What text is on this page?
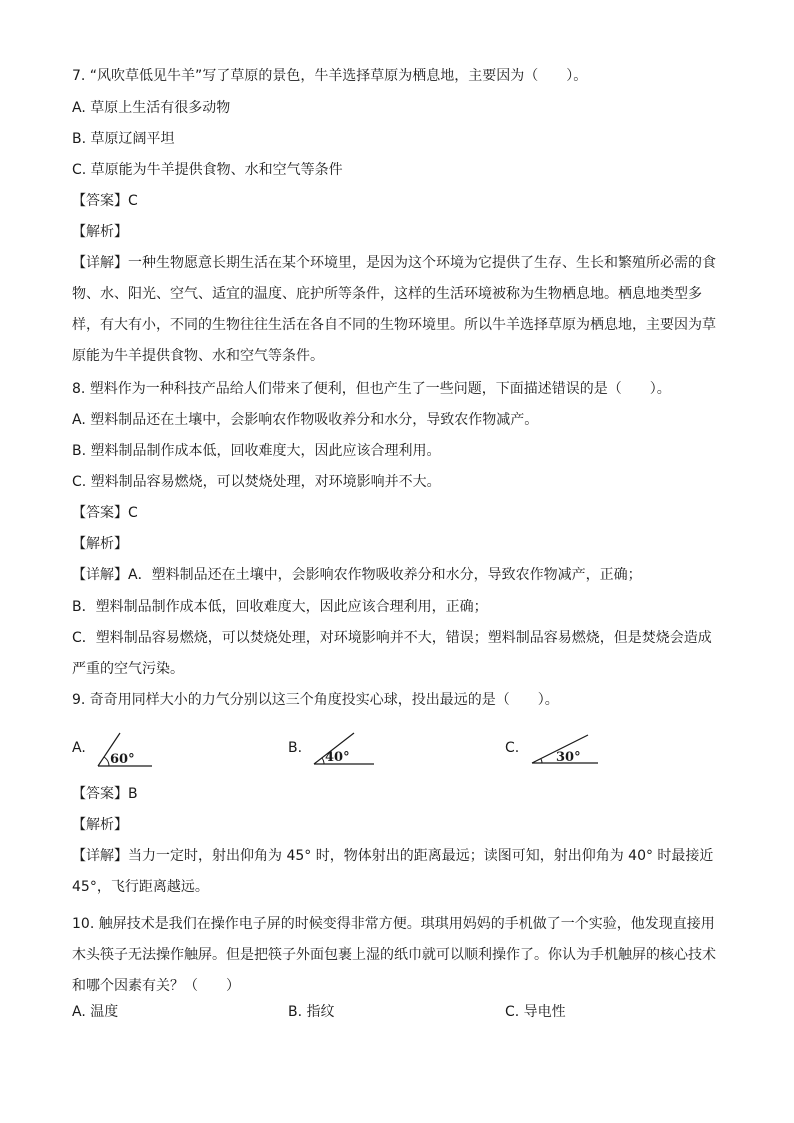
7. “风吹草低见牛羊”写了草原的景色，牛羊选择草原为栖息地，主要因为（　　）。
A. 草原上生活有很多动物
B. 草原辽阔平坦
C. 草原能为牛羊提供食物、水和空气等条件
【答案】C
【解析】
【详解】一种生物愿意长期生活在某个环境里，是因为这个环境为它提供了生存、生长和繁殖所必需的食物、水、阳光、空气、适宜的温度、庇护所等条件，这样的生活环境被称为生物栖息地。栖息地类型多样，有大有小，不同的生物往往生活在各自不同的生物环境里。所以牛羊选择草原为栖息地，主要因为草原能为牛羊提供食物、水和空气等条件。
8. 塑料作为一种科技产品给人们带来了便利，但也产生了一些问题，下面描述错误的是（　　）。
A. 塑料制品还在土壤中，会影响农作物吸收养分和水分，导致农作物减产。
B. 塑料制品制作成本低，回收难度大，因此应该合理利用。
C. 塑料制品容易燃烧，可以焚烧处理，对环境影响并不大。
【答案】C
【解析】
【详解】A．塑料制品还在土壤中，会影响农作物吸收养分和水分，导致农作物减产，正确；
B．塑料制品制作成本低，回收难度大，因此应该合理利用，正确；
C．塑料制品容易燃烧，可以焚烧处理，对环境影响并不大，错误；塑料制品容易燃烧，但是焚烧会造成严重的空气污染。
9. 奇奇用同样大小的力气分别以这三个角度投实心球，投出最远的是（　　）。
A.
60°
B.
40°
C.
30°
【答案】B
【解析】
【详解】当力一定时，射出仰角为 45° 时，物体射出的距离最远；读图可知，射出仰角为 40° 时最接近 45°，飞行距离越远。
10. 触屏技术是我们在操作电子屏的时候变得非常方便。琪琪用妈妈的手机做了一个实验，他发现直接用木头筷子无法操作触屏。但是把筷子外面包裹上湿的纸巾就可以顺利操作了。你认为手机触屏的核心技术和哪个因素有关？（　　）
A. 温度	B. 指纹	C. 导电性
